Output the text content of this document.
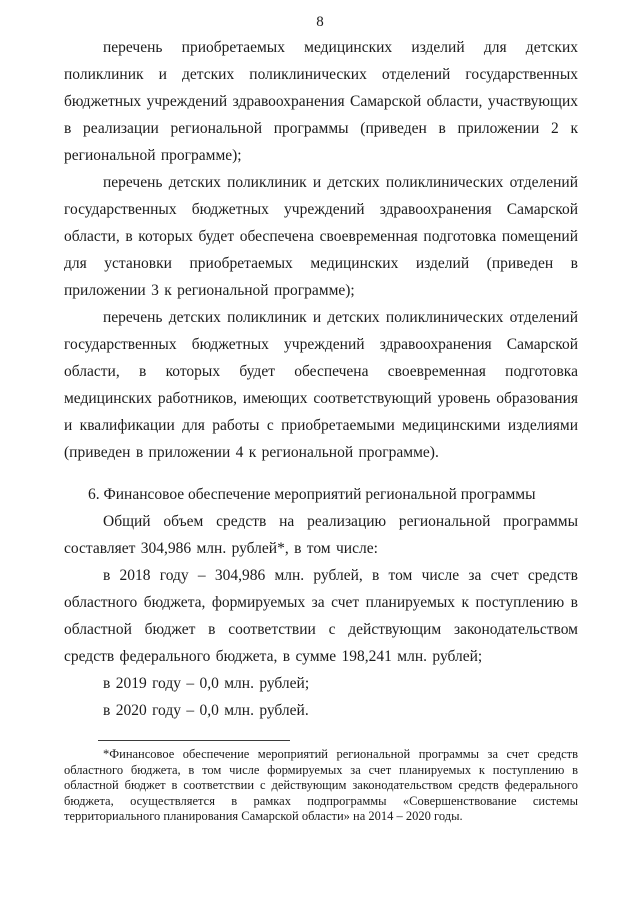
8

перечень приобретаемых медицинских изделий для детских поликлиник и детских поликлинических отделений государственных бюджетных учреждений здравоохранения Самарской области, участвующих в реализации региональной программы (приведен в приложении 2 к региональной программе);

перечень детских поликлиник и детских поликлинических отделений государственных бюджетных учреждений здравоохранения Самарской области, в которых будет обеспечена своевременная подготовка помещений для установки приобретаемых медицинских изделий (приведен в приложении 3 к региональной программе);

перечень детских поликлиник и детских поликлинических отделений государственных бюджетных учреждений здравоохранения Самарской области, в которых будет обеспечена своевременная подготовка медицинских работников, имеющих соответствующий уровень образования и квалификации для работы с приобретаемыми медицинскими изделиями (приведен в приложении 4 к региональной программе).

6. Финансовое обеспечение мероприятий региональной программы

Общий объем средств на реализацию региональной программы составляет 304,986 млн. рублей*, в том числе:

в 2018 году – 304,986 млн. рублей, в том числе за счет средств областного бюджета, формируемых за счет планируемых к поступлению в областной бюджет в соответствии с действующим законодательством средств федерального бюджета, в сумме 198,241 млн. рублей;

в 2019 году – 0,0 млн. рублей;

в 2020 году – 0,0 млн. рублей.

*Финансовое обеспечение мероприятий региональной программы за счет средств областного бюджета, в том числе формируемых за счет планируемых к поступлению в областной бюджет в соответствии с действующим законодательством средств федерального бюджета, осуществляется в рамках подпрограммы «Совершенствование системы территориального планирования Самарской области» на 2014 – 2020 годы.
